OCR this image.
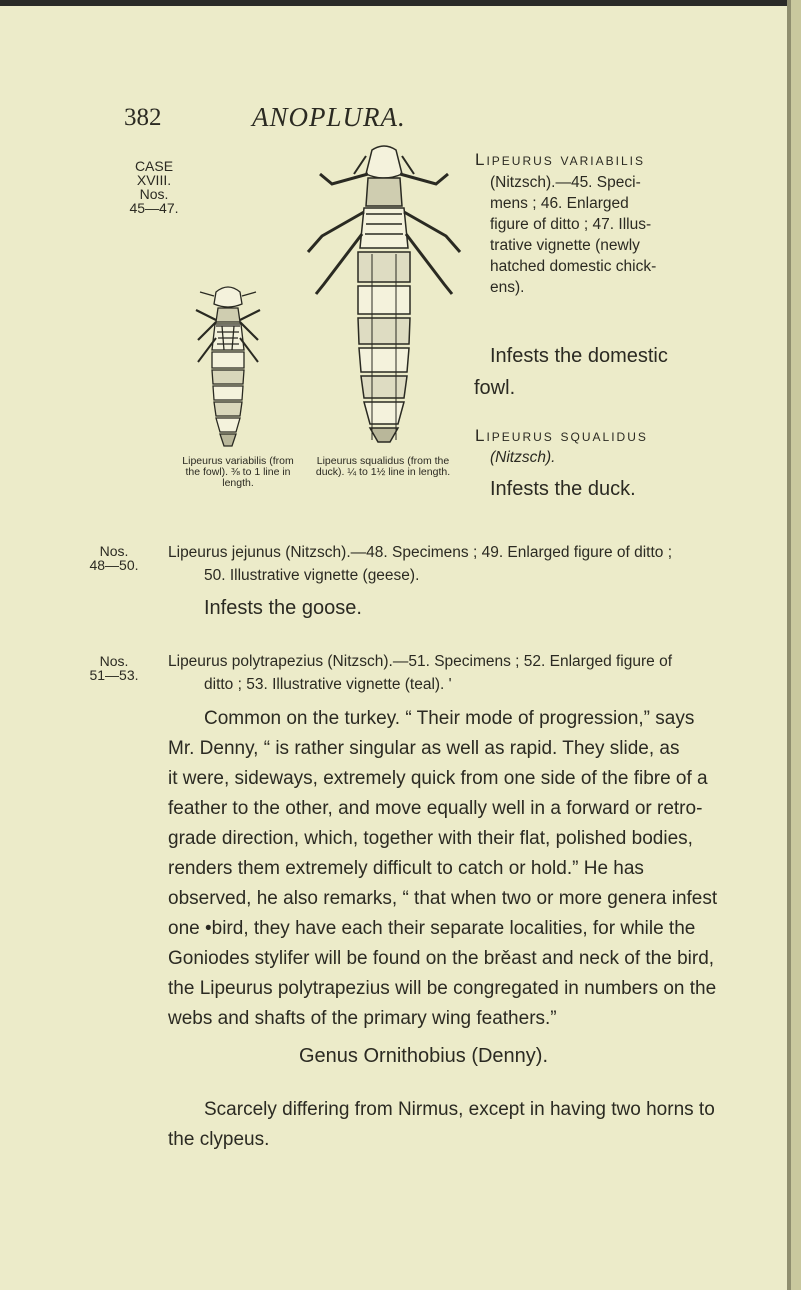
382	ANOPLURA.
CASE
XVIII.
Nos.
45—47.
Nos.
48—50.
Nos.
51—53.
Lipeurus variabilis (from
the fowl). ⅜ to 1 line in length.
Lipeurus squalidus (from the
duck). ¼ to 1½ line in length.
Lipeurus variabilis
(Nitzsch).—45. Speci-
mens ; 46. Enlarged
figure of ditto ; 47. Illus-
trative vignette (newly
hatched domestic chick-
ens).
Infests the domestic
fowl.
Lipeurus squalidus
(Nitzsch).
Infests the duck.
Lipeurus jejunus (Nitzsch).—48. Specimens ; 49. Enlarged figure of ditto ;
50. Illustrative vignette (geese).
Infests the goose.
Lipeurus polytrapezius (Nitzsch).—51. Specimens ; 52. Enlarged figure of
ditto ; 53. Illustrative vignette (teal). '
Common on the turkey. “ Their mode of progression,” says
Mr. Denny, “ is rather singular as well as rapid. They slide, as
it were, sideways, extremely quick from one side of the fibre of a
feather to the other, and move equally well in a forward or retro-
grade direction, which, together with their flat, polished bodies,
renders them extremely difficult to catch or hold.” He has
observed, he also remarks, “ that when two or more genera infest
one •bird, they have each their separate localities, for while the
Goniodes stylifer will be found on the brěast and neck of the bird,
the Lipeurus polytrapezius will be congregated in numbers on the
webs and shafts of the primary wing feathers.”
Genus Ornithobius (Denny).
Scarcely differing from Nirmus, except in having two horns to
the clypeus.
